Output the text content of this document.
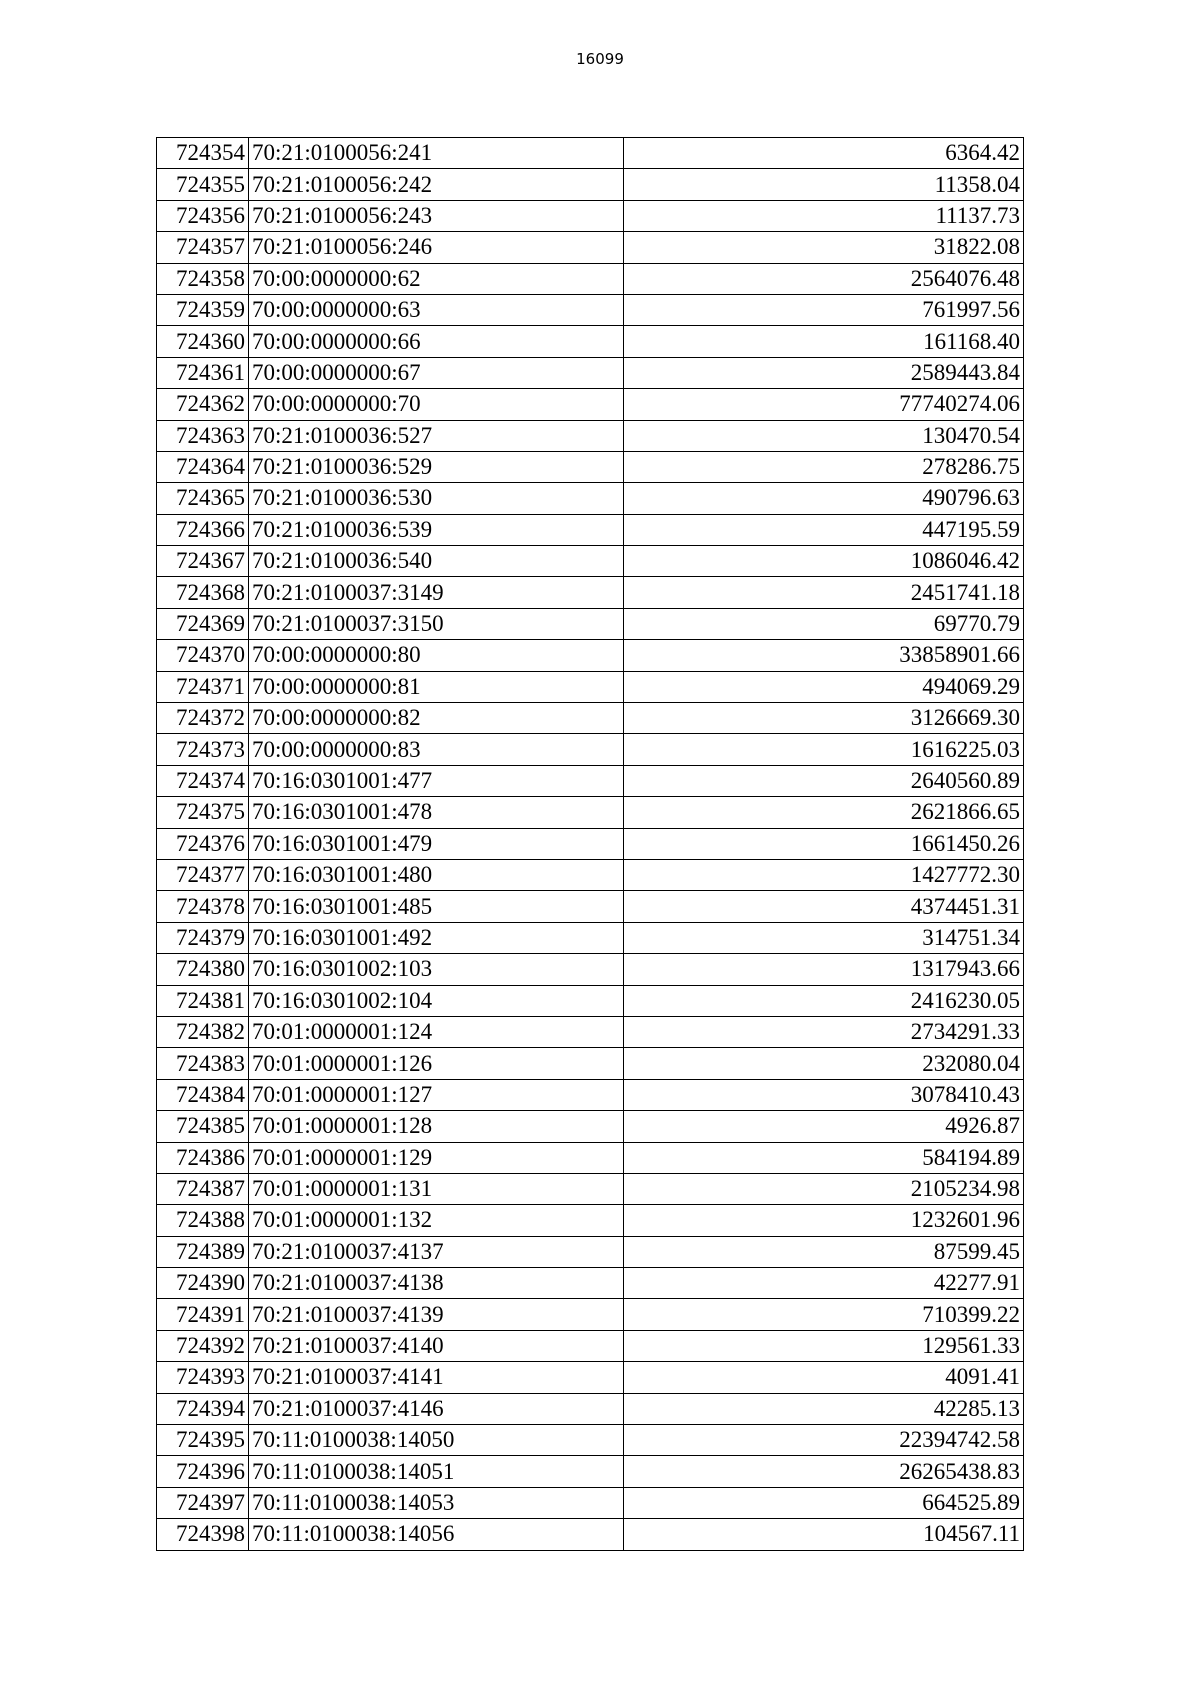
16099
724354	70:21:0100056:241	6364.42
724355	70:21:0100056:242	11358.04
724356	70:21:0100056:243	11137.73
724357	70:21:0100056:246	31822.08
724358	70:00:0000000:62	2564076.48
724359	70:00:0000000:63	761997.56
724360	70:00:0000000:66	161168.40
724361	70:00:0000000:67	2589443.84
724362	70:00:0000000:70	77740274.06
724363	70:21:0100036:527	130470.54
724364	70:21:0100036:529	278286.75
724365	70:21:0100036:530	490796.63
724366	70:21:0100036:539	447195.59
724367	70:21:0100036:540	1086046.42
724368	70:21:0100037:3149	2451741.18
724369	70:21:0100037:3150	69770.79
724370	70:00:0000000:80	33858901.66
724371	70:00:0000000:81	494069.29
724372	70:00:0000000:82	3126669.30
724373	70:00:0000000:83	1616225.03
724374	70:16:0301001:477	2640560.89
724375	70:16:0301001:478	2621866.65
724376	70:16:0301001:479	1661450.26
724377	70:16:0301001:480	1427772.30
724378	70:16:0301001:485	4374451.31
724379	70:16:0301001:492	314751.34
724380	70:16:0301002:103	1317943.66
724381	70:16:0301002:104	2416230.05
724382	70:01:0000001:124	2734291.33
724383	70:01:0000001:126	232080.04
724384	70:01:0000001:127	3078410.43
724385	70:01:0000001:128	4926.87
724386	70:01:0000001:129	584194.89
724387	70:01:0000001:131	2105234.98
724388	70:01:0000001:132	1232601.96
724389	70:21:0100037:4137	87599.45
724390	70:21:0100037:4138	42277.91
724391	70:21:0100037:4139	710399.22
724392	70:21:0100037:4140	129561.33
724393	70:21:0100037:4141	4091.41
724394	70:21:0100037:4146	42285.13
724395	70:11:0100038:14050	22394742.58
724396	70:11:0100038:14051	26265438.83
724397	70:11:0100038:14053	664525.89
724398	70:11:0100038:14056	104567.11
